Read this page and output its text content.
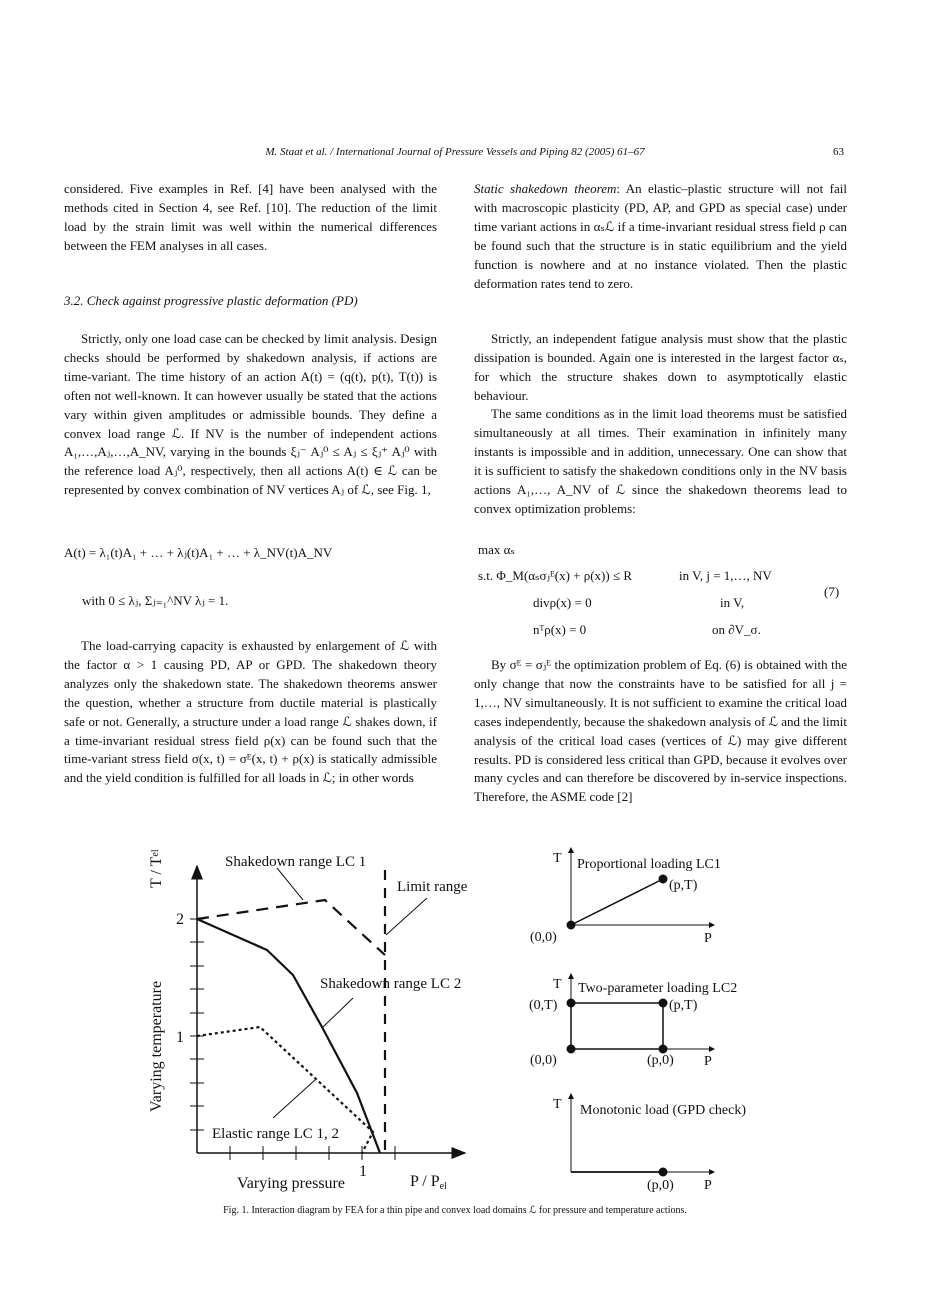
M. Staat et al. / International Journal of Pressure Vessels and Piping 82 (2005) 61–67	63
considered. Five examples in Ref. [4] have been analysed with the methods cited in Section 4, see Ref. [10]. The reduction of the limit load by the strain limit was well within the numerical differences between the FEM analyses in all cases.
3.2. Check against progressive plastic deformation (PD)
Strictly, only one load case can be checked by limit analysis. Design checks should be performed by shakedown analysis, if actions are time-variant. The time history of an action A(t) = (q(t), p(t), T(t)) is often not well-known. It can however usually be stated that the actions vary within given amplitudes or admissible bounds. They define a convex load range ℒ. If NV is the number of independent actions A₁,…,Aⱼ,…,A_NV, varying in the bounds ξⱼ⁻ Aⱼ⁰ ≤ Aⱼ ≤ ξⱼ⁺ Aⱼ⁰ with the reference load Aⱼ⁰, respectively, then all actions A(t) ∈ ℒ can be represented by convex combination of NV vertices Aⱼ of ℒ, see Fig. 1,
A(t) = λ₁(t)A₁ + … + λⱼ(t)A₁ + … + λ_NV(t)A_NV
with 0 ≤ λⱼ, Σⱼ₌₁^NV λⱼ = 1.
The load-carrying capacity is exhausted by enlargement of ℒ with the factor α > 1 causing PD, AP or GPD. The shakedown theory analyzes only the shakedown state. The shakedown theorems answer the question, whether a structure from ductile material is plastically safe or not. Generally, a structure under a load range ℒ shakes down, if a time-invariant residual stress field ρ(x) can be found such that the time-variant stress field σ(x, t) = σᴱ(x, t) + ρ(x) is statically admissible and the yield condition is fulfilled for all loads in ℒ; in other words
Static shakedown theorem: An elastic–plastic structure will not fail with macroscopic plasticity (PD, AP, and GPD as special case) under time variant actions in αₛℒ if a time-invariant residual stress field ρ can be found such that the structure is in static equilibrium and the yield function is nowhere and at no instance violated. Then the plastic deformation rates tend to zero.
Strictly, an independent fatigue analysis must show that the plastic dissipation is bounded. Again one is interested in the largest factor αₛ, for which the structure shakes down to asymptotically elastic behaviour.
The same conditions as in the limit load theorems must be satisfied simultaneously at all times. Their examination in infinitely many instants is impossible and in addition, unnecessary. One can show that it is sufficient to satisfy the shakedown conditions only in the NV basis actions A₁,…, A_NV of ℒ since the shakedown theorems lead to convex optimization problems:
max αₛ
s.t. Φ_M(αₛσⱼᴱ(x) + ρ(x)) ≤ R	in V, j = 1,…, NV
divρ(x) = 0	in V,
nᵀρ(x) = 0	on ∂V_σ.
(7)
By σᴱ = σⱼᴱ the optimization problem of Eq. (6) is obtained with the only change that now the constraints have to be satisfied for all j = 1,…, NV simultaneously. It is not sufficient to examine the critical load cases independently, because the shakedown analysis of ℒ and the limit analysis of the critical load cases (vertices of ℒ) may give different results. PD is considered less critical than GPD, because it evolves over many cycles and can therefore be discovered by in-service inspections. Therefore, the ASME code [2]
Shakedown range LC 1
Limit range
Shakedown range LC 2
Elastic range LC 1, 2
2
1
1
Varying pressure	P / Pel
Varying temperature
T / Tel	T Proportional loading LC1
(p,T)
(0,0)	P
T Two-parameter loading LC2
(0,T)	(p,T)
(0,0)	(p,0) P
T Monotonic load (GPD check)
(p,0) P
Fig. 1. Interaction diagram by FEA for a thin pipe and convex load domains ℒ for pressure and temperature actions.
